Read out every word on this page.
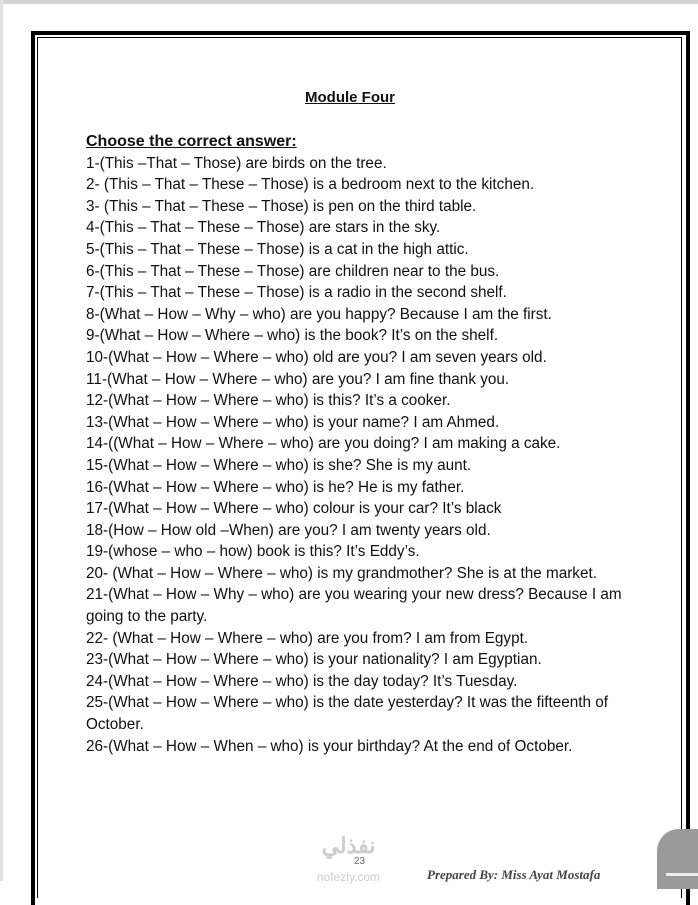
Module Four
Choose the correct answer:

1-(This –That – Those) are birds on the tree.

2- (This – That – These – Those) is a bedroom next to the kitchen.

3- (This – That – These – Those) is pen on the third table.

4-(This – That – These – Those) are stars in the sky.

5-(This – That – These – Those) is a cat in the high attic.

6-(This – That – These – Those) are children near to the bus.

7-(This – That – These – Those) is a radio in the second shelf.

8-(What – How – Why – who) are you happy? Because I am the first.

9-(What – How – Where – who) is the book? It’s on the shelf.

10-(What – How – Where – who) old are you? I am seven years old.

11-(What – How – Where – who) are you? I am fine thank you.

12-(What – How – Where – who) is this? It’s a cooker.

13-(What – How – Where – who) is your name? I am Ahmed.

14-((What – How – Where – who) are you doing? I am making a cake.

15-(What – How – Where – who) is she? She is my aunt.

16-(What – How – Where – who) is he? He is my father.

17-(What – How – Where – who) colour is your car? It’s black

18-(How – How old –When) are you? I am twenty years old.

19-(whose – who – how) book is this? It’s Eddy’s.

20- (What – How – Where – who) is my grandmother? She is at the market.

21-(What – How – Why – who) are you wearing your new dress? Because I am going to the party.

22- (What – How – Where – who) are you from? I am from Egypt.

23-(What – How – Where – who) is your nationality? I am Egyptian.

24-(What – How – Where – who) is the day today? It’s Tuesday.

25-(What – How – Where – who) is the date yesterday? It was the fifteenth of October.

26-(What – How – When – who) is your birthday? At the end of October.

نفذلي
nofezly.com
23
Prepared By: Miss Ayat Mostafa
